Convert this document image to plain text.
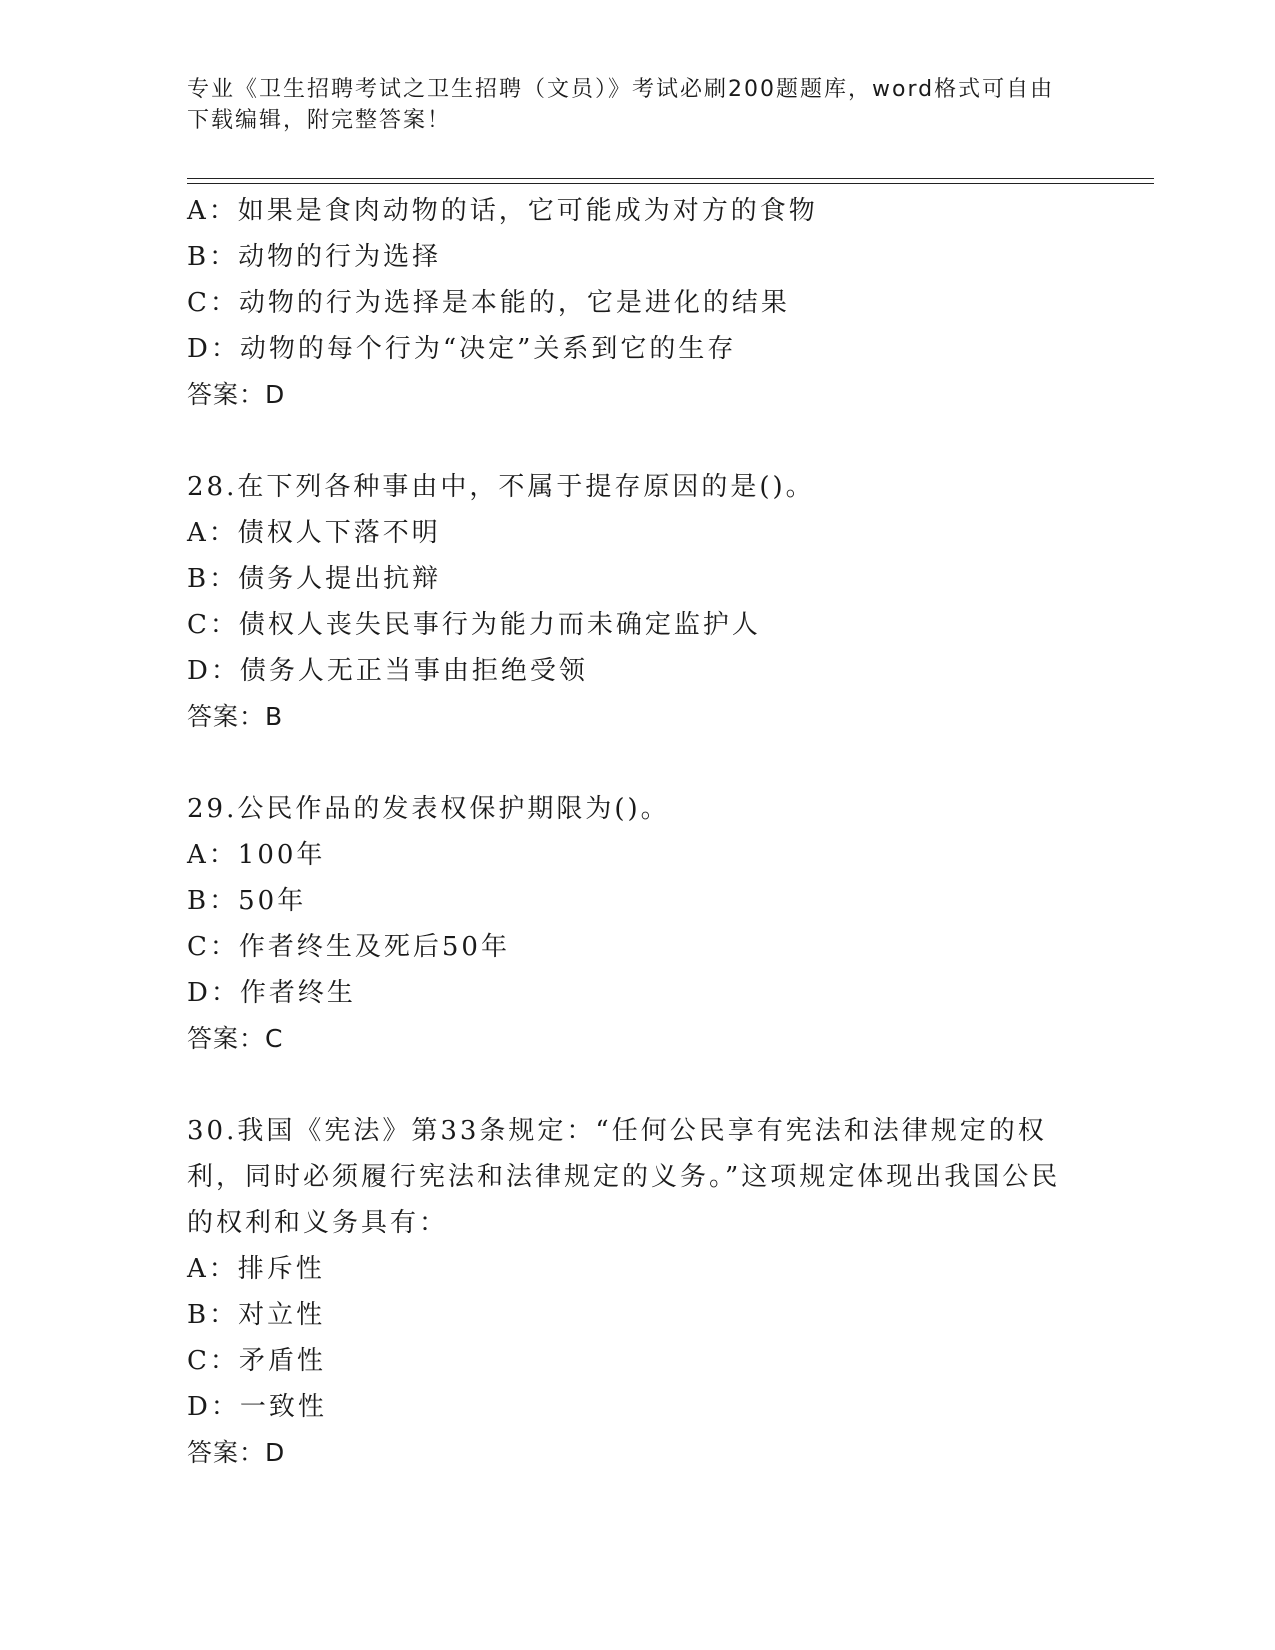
专业《卫生招聘考试之卫生招聘（文员）》考试必刷200题题库，word格式可自由下载编辑，附完整答案！
A：如果是食肉动物的话，它可能成为对方的食物
B：动物的行为选择
C：动物的行为选择是本能的，它是进化的结果
D：动物的每个行为“决定”关系到它的生存
答案：D
28.在下列各种事由中，不属于提存原因的是()。
A：债权人下落不明
B：债务人提出抗辩
C：债权人丧失民事行为能力而未确定监护人
D：债务人无正当事由拒绝受领
答案：B
29.公民作品的发表权保护期限为()。
A：100年
B：50年
C：作者终生及死后50年
D：作者终生
答案：C
30.我国《宪法》第33条规定：“任何公民享有宪法和法律规定的权利，同时必须履行宪法和法律规定的义务。”这项规定体现出我国公民的权利和义务具有：
A：排斥性
B：对立性
C：矛盾性
D：一致性
答案：D
